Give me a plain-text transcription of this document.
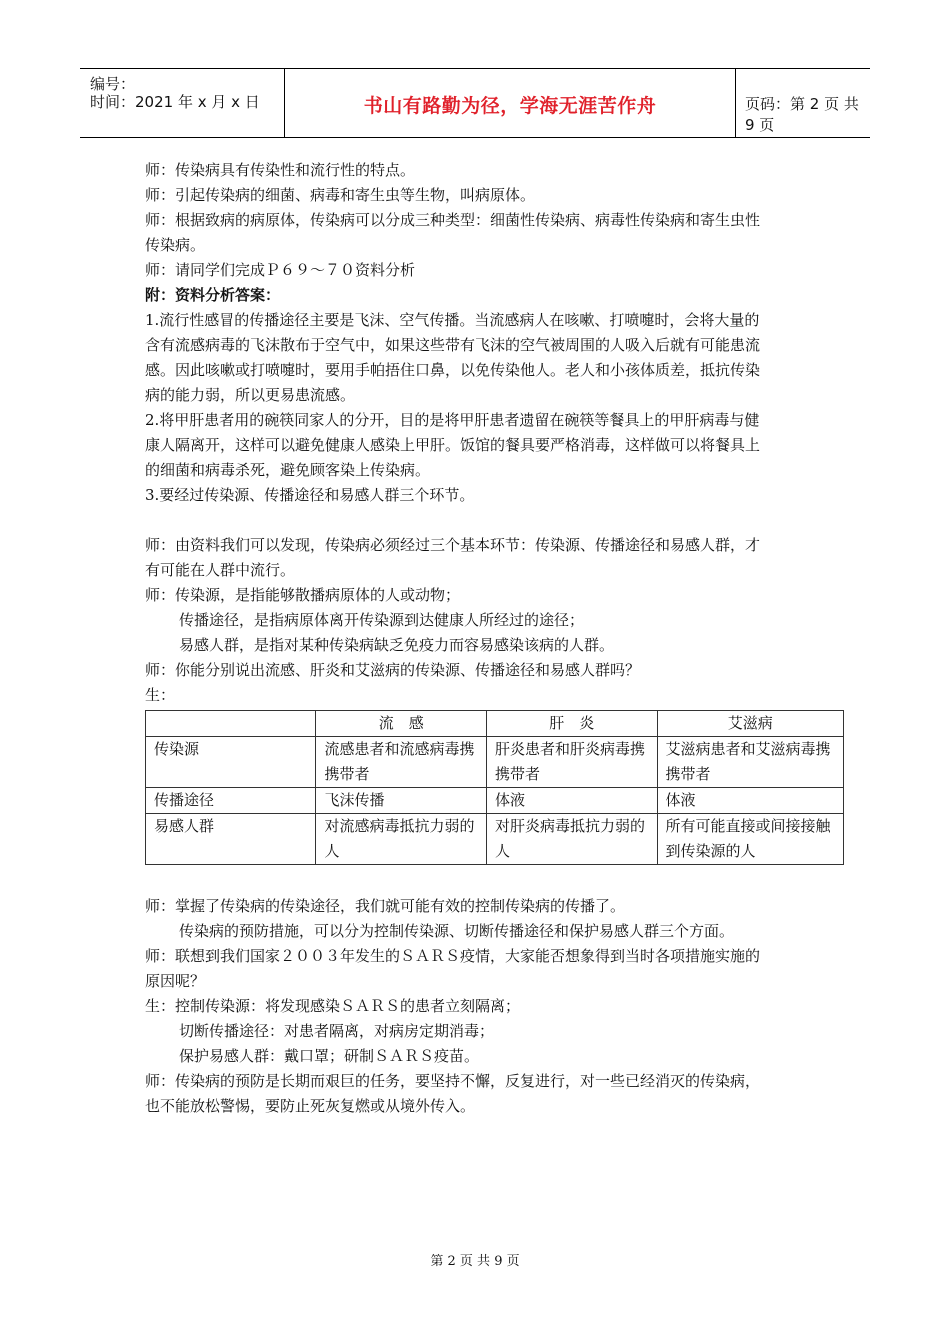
编号：
时间：2021 年 x 月 x 日	书山有路勤为径，学海无涯苦作舟	页码：第 2 页 共 9 页

师：传染病具有传染性和流行性的特点。

师：引起传染病的细菌、病毒和寄生虫等生物，叫病原体。

师：根据致病的病原体，传染病可以分成三种类型：细菌性传染病、病毒性传染病和寄生虫性

传染病。

师：请同学们完成Ｐ６９～７０资料分析

附：资料分析答案：

1.流行性感冒的传播途径主要是飞沫、空气传播。当流感病人在咳嗽、打喷嚏时，会将大量的

含有流感病毒的飞沫散布于空气中，如果这些带有飞沫的空气被周围的人吸入后就有可能患流

感。因此咳嗽或打喷嚏时，要用手帕捂住口鼻，以免传染他人。老人和小孩体质差，抵抗传染

病的能力弱，所以更易患流感。

2.将甲肝患者用的碗筷同家人的分开，目的是将甲肝患者遗留在碗筷等餐具上的甲肝病毒与健

康人隔离开，这样可以避免健康人感染上甲肝。饭馆的餐具要严格消毒，这样做可以将餐具上

的细菌和病毒杀死，避免顾客染上传染病。

3.要经过传染源、传播途径和易感人群三个环节。

师：由资料我们可以发现，传染病必须经过三个基本环节：传染源、传播途径和易感人群，才

有可能在人群中流行。

师：传染源，是指能够散播病原体的人或动物；

传播途径，是指病原体离开传染源到达健康人所经过的途径；

易感人群，是指对某种传染病缺乏免疫力而容易感染该病的人群。

师：你能分别说出流感、肝炎和艾滋病的传染源、传播途径和易感人群吗？

生：

	流　感	肝　炎	艾滋病
传染源	流感患者和流感病毒携携带者	肝炎患者和肝炎病毒携携带者	艾滋病患者和艾滋病毒携携带者
传播途径	飞沫传播	体液	体液
易感人群	对流感病毒抵抗力弱的人	对肝炎病毒抵抗力弱的人	所有可能直接或间接接触到传染源的人

师：掌握了传染病的传染途径，我们就可能有效的控制传染病的传播了。

传染病的预防措施，可以分为控制传染源、切断传播途径和保护易感人群三个方面。

师：联想到我们国家２００３年发生的ＳＡＲＳ疫情，大家能否想象得到当时各项措施实施的

原因呢？

生：控制传染源：将发现感染ＳＡＲＳ的患者立刻隔离；

切断传播途径：对患者隔离，对病房定期消毒；

保护易感人群：戴口罩；研制ＳＡＲＳ疫苗。

师：传染病的预防是长期而艰巨的任务，要坚持不懈，反复进行，对一些已经消灭的传染病，

也不能放松警惕，要防止死灰复燃或从境外传入。

第 2 页 共 9 页
